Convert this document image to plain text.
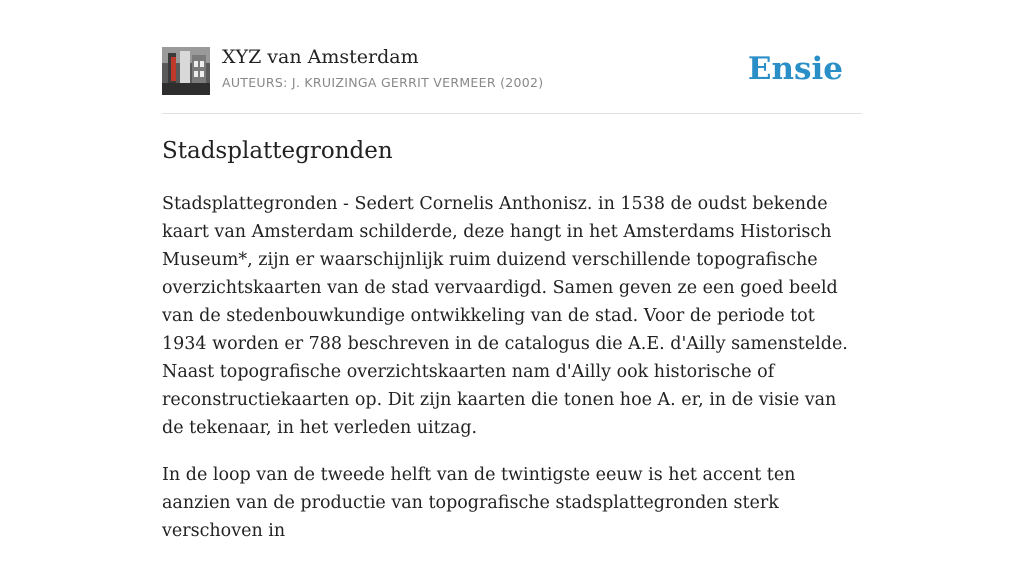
XYZ van Amsterdam
AUTEURS: J. KRUIZINGA GERRIT VERMEER (2002)	Ensie
Stadsplattegronden

Stadsplattegronden - Sedert Cornelis Anthonisz. in 1538 de oudst bekende kaart van Amsterdam schilderde, deze hangt in het Amsterdams Historisch Museum*, zijn er waarschijnlijk ruim duizend verschillende topografische overzichtskaarten van de stad vervaardigd. Samen geven ze een goed beeld van de stedenbouwkundige ontwikkeling van de stad. Voor de periode tot 1934 worden er 788 beschreven in de catalogus die A.E. d'Ailly samenstelde. Naast topografische overzichtskaarten nam d'Ailly ook historische of reconstructiekaarten op. Dit zijn kaarten die tonen hoe A. er, in de visie van de tekenaar, in het verleden uitzag.

In de loop van de tweede helft van de twintigste eeuw is het accent ten aanzien van de productie van topografische stadsplattegronden sterk verschoven in
